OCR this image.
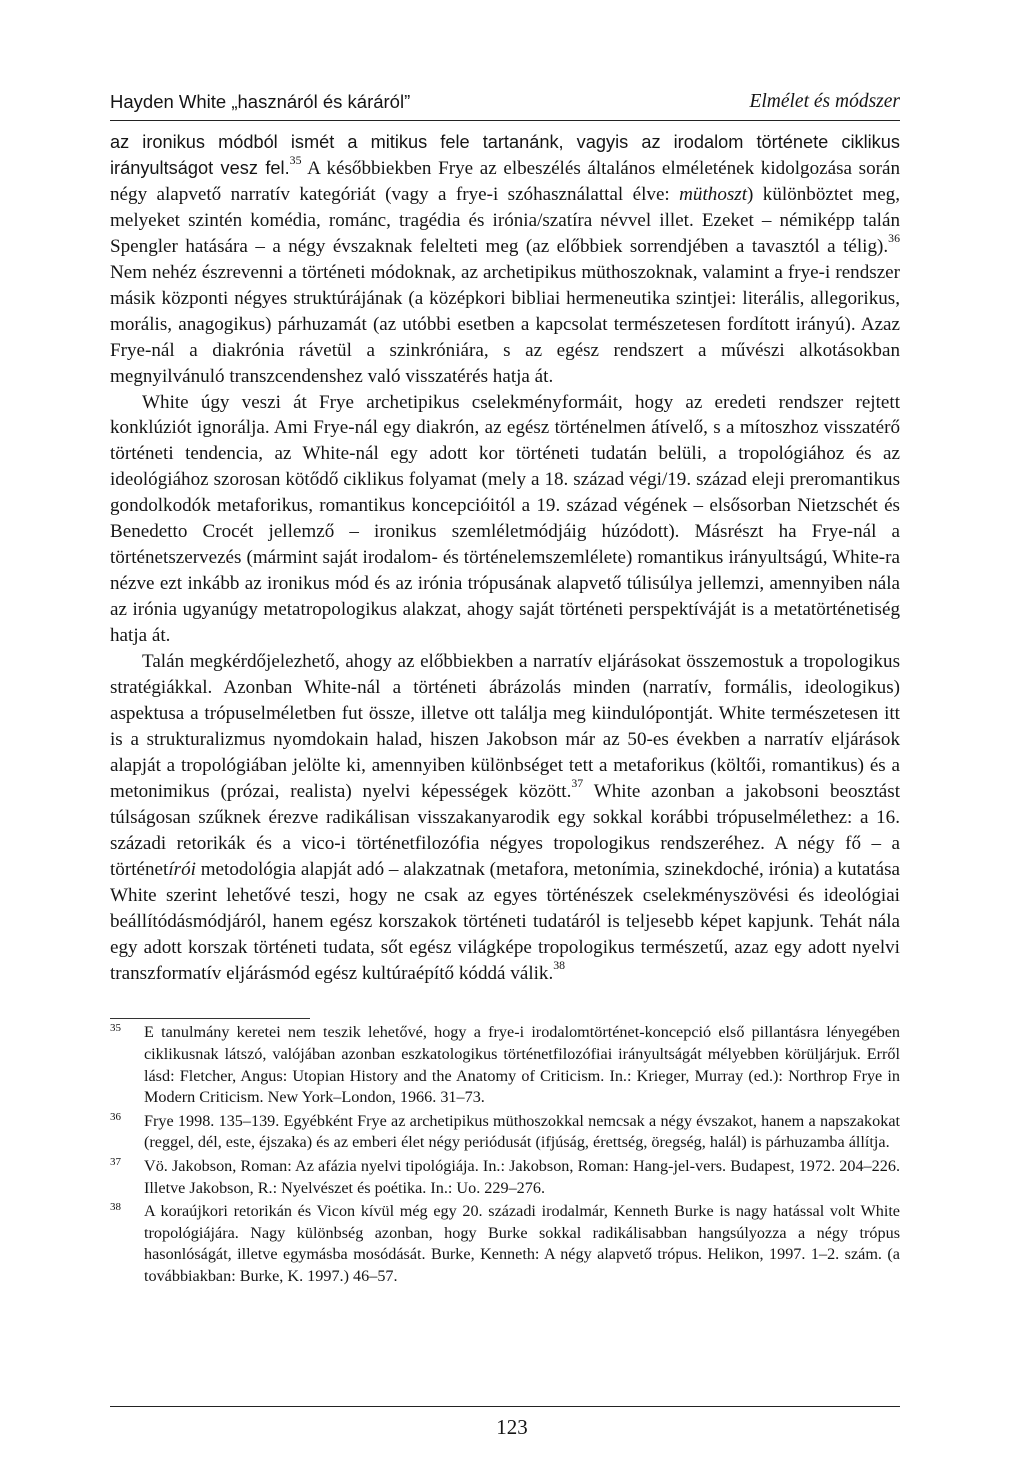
Hayden White „hasznáról és káráról”	Elmélet és módszer

az ironikus módból ismét a mitikus fele tartanánk, vagyis az irodalom története ciklikus irányultságot vesz fel.$^{35}$ A későbbiekben Frye az elbeszélés általános elméletének kidolgozása során négy alapvető narratív kategóriát (vagy a frye-i szóhasználattal élve: müthoszt) különböztet meg, melyeket szintén komédia, románc, tragédia és irónia/szatíra névvel illet. Ezeket – némiképp talán Spengler hatására – a négy évszaknak felelteti meg (az előbbiek sorrendjében a tavasztól a télig).$^{36}$ Nem nehéz észrevenni a történeti módoknak, az archetipikus müthoszoknak, valamint a frye-i rendszer másik központi négyes struktúrájának (a középkori bibliai hermeneutika szintjei: literális, allegorikus, morális, anagogikus) párhuzamát (az utóbbi esetben a kapcsolat természetesen fordított irányú). Azaz Frye-nál a diakrónia rávetül a szinkróniára, s az egész rendszert a művészi alkotásokban megnyilvánuló transzcendenshez való visszatérés hatja át.

White úgy veszi át Frye archetipikus cselekményformáit, hogy az eredeti rendszer rejtett konklúziót ignorálja. Ami Frye-nál egy diakrón, az egész történelmen átívelő, s a mítoszhoz visszatérő történeti tendencia, az White-nál egy adott kor történeti tudatán belüli, a tropológiához és az ideológiához szorosan kötődő ciklikus folyamat (mely a 18. század végi/19. század eleji preromantikus gondolkodók metaforikus, romantikus koncepcióitól a 19. század végének – elsősorban Nietzschét és Benedetto Crocét jellemző – ironikus szemléletmódjáig húzódott). Másrészt ha Frye-nál a történetszervezés (mármint saját irodalom- és történelemszemlélete) romantikus irányultságú, White-ra nézve ezt inkább az ironikus mód és az irónia trópusának alapvető túlisúlya jellemzi, amennyiben nála az irónia ugyanúgy metatropologikus alakzat, ahogy saját történeti perspektíváját is a metatörténetiség hatja át.

Talán megkérdőjelezhető, ahogy az előbbiekben a narratív eljárásokat összemostuk a tropologikus stratégiákkal. Azonban White-nál a történeti ábrázolás minden (narratív, formális, ideologikus) aspektusa a trópuselméletben fut össze, illetve ott találja meg kiindulópontját. White természetesen itt is a strukturalizmus nyomdokain halad, hiszen Jakobson már az 50-es években a narratív eljárások alapját a tropológiában jelölte ki, amennyiben különbséget tett a metaforikus (költői, romantikus) és a metonimikus (prózai, realista) nyelvi képességek között.$^{37}$ White azonban a jakobsoni beosztást túlságosan szűknek érezve radikálisan visszakanyarodik egy sokkal korábbi trópuselmélethez: a 16. századi retorikák és a vico-i történetfilozófia négyes tropologikus rendszeréhez. A négy fő – a történetírói metodológia alapját adó – alakzatnak (metafora, metonímia, szinekdoché, irónia) a kutatása White szerint lehetővé teszi, hogy ne csak az egyes történészek cselekményszövési és ideológiai beállítódásmódjáról, hanem egész korszakok történeti tudatáról is teljesebb képet kapjunk. Tehát nála egy adott korszak történeti tudata, sőt egész világképe tropologikus természetű, azaz egy adott nyelvi transzformatív eljárásmód egész kultúraépítő kóddá válik.$^{38}$

35 E tanulmány keretei nem teszik lehetővé, hogy a frye-i irodalomtörténet-koncepció első pillantásra lényegében ciklikusnak látszó, valójában azonban eszkatologikus történetfilozófiai irányultságát mélyebben körüljárjuk. Erről lásd: Fletcher, Angus: Utopian History and the Anatomy of Criticism. In.: Krieger, Murray (ed.): Northrop Frye in Modern Criticism. New York–London, 1966. 31–73.
36 Frye 1998. 135–139. Egyébként Frye az archetipikus müthoszokkal nemcsak a négy évszakot, hanem a napszakokat (reggel, dél, este, éjszaka) és az emberi élet négy periódusát (ifjúság, érettség, öregség, halál) is párhuzamba állítja.
37 Vö. Jakobson, Roman: Az afázia nyelvi tipológiája. In.: Jakobson, Roman: Hang-jel-vers. Budapest, 1972. 204–226. Illetve Jakobson, R.: Nyelvészet és poétika. In.: Uo. 229–276.
38 A koraújkori retorikán és Vicon kívül még egy 20. századi irodalmár, Kenneth Burke is nagy hatással volt White tropológiájára. Nagy különbség azonban, hogy Burke sokkal radikálisabban hangsúlyozza a négy trópus hasonlóságát, illetve egymásba mosódását. Burke, Kenneth: A négy alapvető trópus. Helikon, 1997. 1–2. szám. (a továbbiakban: Burke, K. 1997.) 46–57.
123
